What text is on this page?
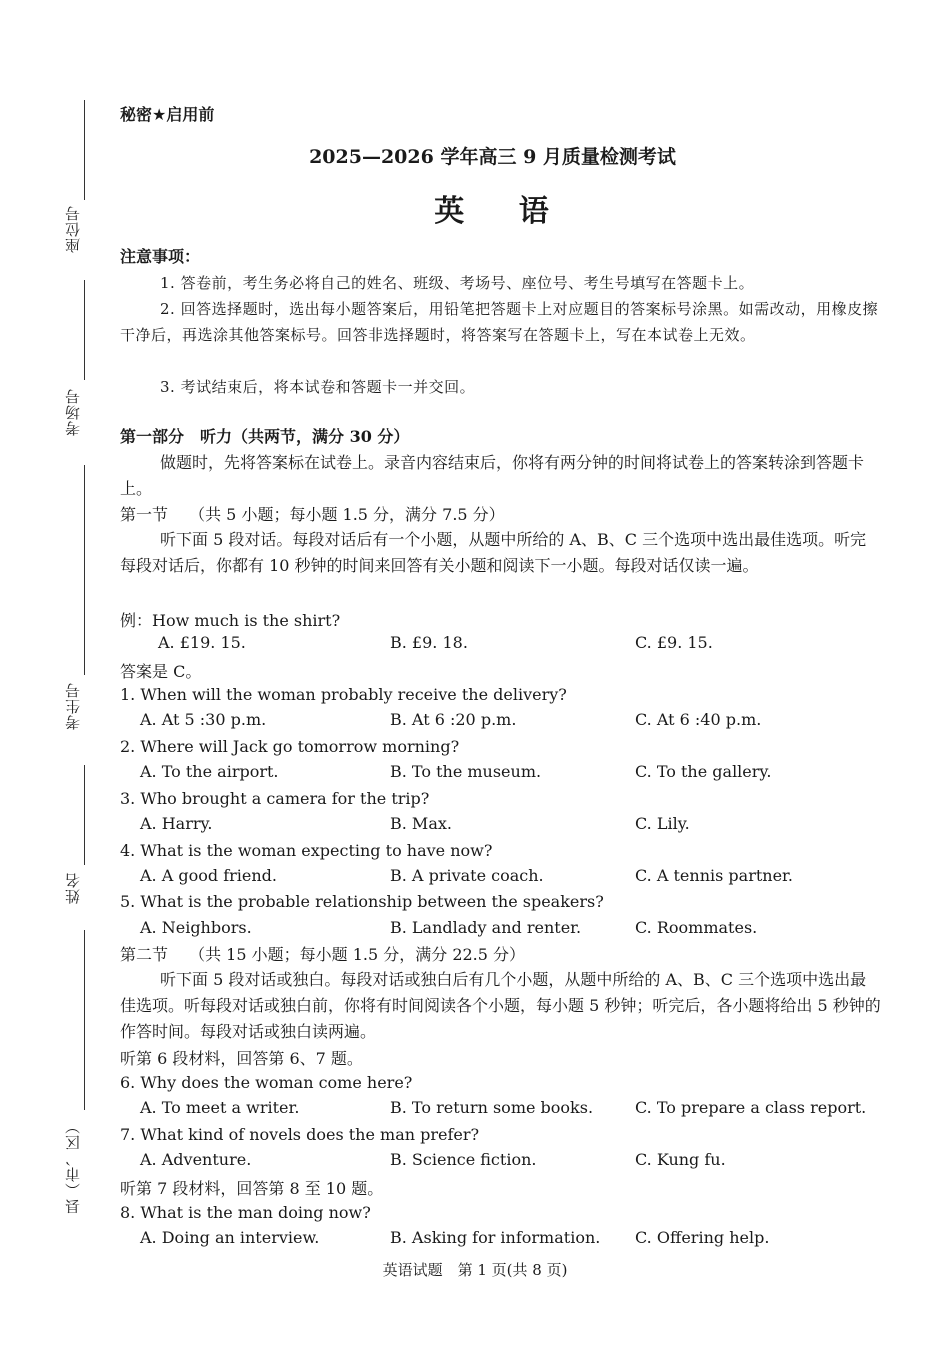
座位号
考场号
考生号
姓名
县（市、区）
秘密★启用前
2025—2026 学年高三 9 月质量检测考试
英 语
注意事项：
1. 答卷前，考生务必将自己的姓名、班级、考场号、座位号、考生号填写在答题卡上。
2. 回答选择题时，选出每小题答案后，用铅笔把答题卡上对应题目的答案标号涂黑。如需改动，用橡皮擦干净后，再选涂其他答案标号。回答非选择题时，将答案写在答题卡上，写在本试卷上无效。
3. 考试结束后，将本试卷和答题卡一并交回。
第一部分　听力（共两节，满分 30 分）
做题时，先将答案标在试卷上。录音内容结束后，你将有两分钟的时间将试卷上的答案转涂到答题卡上。
第一节　 （共 5 小题；每小题 1.5 分，满分 7.5 分）
听下面 5 段对话。每段对话后有一个小题，从题中所给的 A、B、C 三个选项中选出最佳选项。听完每段对话后，你都有 10 秒钟的时间来回答有关小题和阅读下一小题。每段对话仅读一遍。
例：How much is the shirt?
A. £19. 15.	B. £9. 18.	C. £9. 15.
答案是 C。
1. When will the woman probably receive the delivery?
A. At 5 :30 p.m.	B. At 6 :20 p.m.	C. At 6 :40 p.m.
2. Where will Jack go tomorrow morning?
A. To the airport.	B. To the museum.	C. To the gallery.
3. Who brought a camera for the trip?
A. Harry.	B. Max.	C. Lily.
4. What is the woman expecting to have now?
A. A good friend.	B. A private coach.	C. A tennis partner.
5. What is the probable relationship between the speakers?
A. Neighbors.	B. Landlady and renter.	C. Roommates.
第二节　 （共 15 小题；每小题 1.5 分，满分 22.5 分）
听下面 5 段对话或独白。每段对话或独白后有几个小题，从题中所给的 A、B、C 三个选项中选出最佳选项。听每段对话或独白前，你将有时间阅读各个小题，每小题 5 秒钟；听完后，各小题将给出 5 秒钟的作答时间。每段对话或独白读两遍。
听第 6 段材料，回答第 6、7 题。
6. Why does the woman come here?
A. To meet a writer.	B. To return some books.	C. To prepare a class report.
7. What kind of novels does the man prefer?
A. Adventure.	B. Science fiction.	C. Kung fu.
听第 7 段材料，回答第 8 至 10 题。
8. What is the man doing now?
A. Doing an interview.	B. Asking for information. C. Offering help.
英语试题　第 1 页(共 8 页)
